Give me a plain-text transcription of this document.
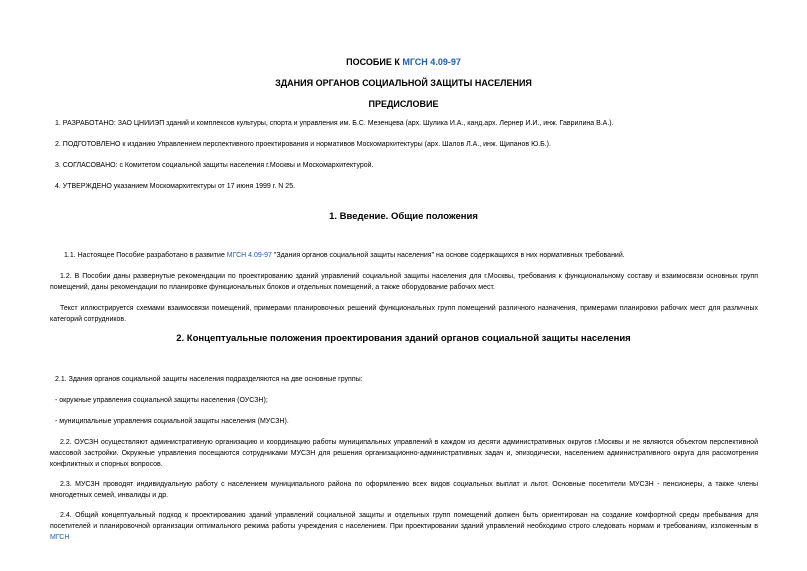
ПОСОБИЕ К МГСН 4.09-97
ЗДАНИЯ ОРГАНОВ СОЦИАЛЬНОЙ ЗАЩИТЫ НАСЕЛЕНИЯ
ПРЕДИСЛОВИЕ
1. РАЗРАБОТАНО: ЗАО ЦНИИЭП зданий и комплексов культуры, спорта и управления им. Б.С. Мезенцева (арх. Шулика И.А., канд.арх. Лернер И.И., инж. Гаврилина В.А.).
2. ПОДГОТОВЛЕНО к изданию Управлением перспективного проектирования и нормативов Москомархитектуры (арх. Шалов Л.А., инж. Щипанов Ю.Б.).
3. СОГЛАСОВАНО: с Комитетом социальной защиты населения г.Москвы и Москомархитектурой.
4. УТВЕРЖДЕНО указанием Москомархитектуры от 17 июня 1999 г. N 25.
1. Введение. Общие положения
1.1. Настоящее Пособие разработано в развитие МГСН 4.09-97 "Здания органов социальной защиты населения" на основе содержащихся в них нормативных требований.
1.2. В Пособии даны развернутые рекомендации по проектированию зданий управлений социальной защиты населения для г.Москвы, требования к функциональному составу и взаимосвязи основных групп помещений, даны рекомендации по планировке функциональных блоков и отдельных помещений, а также оборудование рабочих мест.
Текст иллюстрируется схемами взаимосвязи помещений, примерами планировочных решений функциональных групп помещений различного назначения, примерами планировки рабочих мест для различных категорий сотрудников.
2. Концептуальные положения проектирования зданий органов социальной защиты населения
2.1. Здания органов социальной защиты населения подразделяются на две основные группы:
- окружные управления социальной защиты населения (ОУСЗН);
- муниципальные управления социальной защиты населения (МУСЗН).
2.2. ОУСЗН осуществляют административную организацию и координацию работы муниципальных управлений в каждом из десяти административных округов г.Москвы и не являются объектом перспективной массовой застройки. Окружные управления посещаются сотрудниками МУСЗН для решения организационно-административных задач и, эпизодически, населением административного округа для рассмотрения конфликтных и спорных вопросов.
2.3. МУСЗН проводят индивидуальную работу с населением муниципального района по оформлению всех видов социальных выплат и льгот. Основные посетители МУСЗН - пенсионеры, а также члены многодетных семей, инвалиды и др.
2.4. Общий концептуальный подход к проектированию зданий управлений социальной защиты и отдельных групп помещений должен быть ориентирован на создание комфортной среды пребывания для посетителей и планировочной организации оптимального режима работы учреждения с населением. При проектировании зданий управлений необходимо строго следовать нормам и требованиям, изложенным в МГСН
